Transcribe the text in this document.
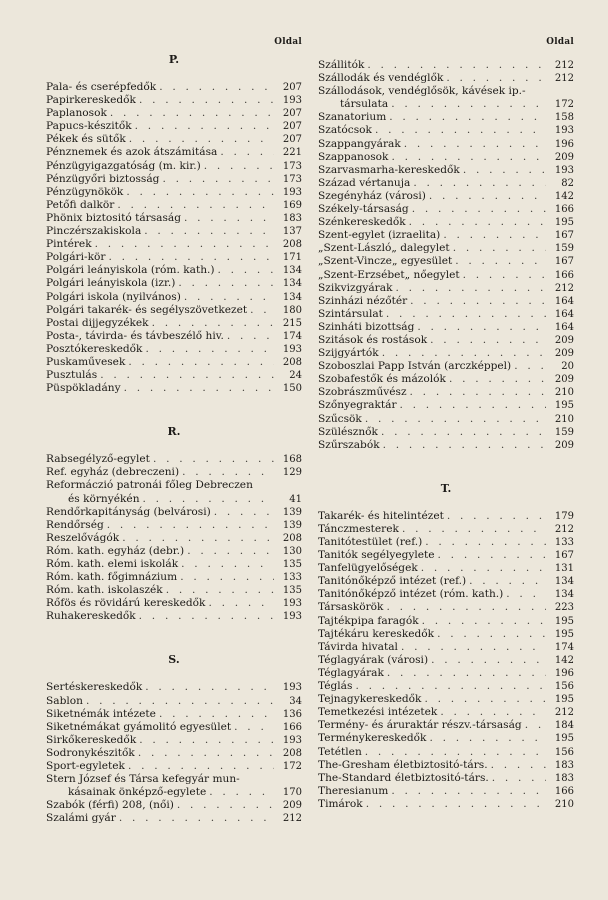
Oldal
P.
Pala- és cserépfedők . . .	207
Papirkereskedők . . .	193
Paplanosok . . .	207
Papucs-készitők . . .	207
Pékek és sütők . . .	207
Pénznemek és azok átszámitása . . .	221
Pénzügyigazgatóság (m. kir.) . . .	173
Pénzügyőri biztosság . . .	173
Pénzügynökök . . .	193
Petőfi dalkör . . .	169
Phönix biztositó társaság . . .	183
Pinczérszakiskola . . .	137
Pintérek . . .	208
Polgári-kör . . .	171
Polgári leányiskola (róm. kath.) . . .	134
Polgári leányiskola (izr.) . . .	134
Polgári iskola (nyilvános) . . .	134
Polgári takarék- és segélyszövetkezet . . .	180
Postai dijjegyzékek . . .	215
Posta-, távirda- és távbeszélő hiv. . . .	174
Posztókereskedők . . .	193
Puskaművesek . . .	208
Pusztulás . . .	24
Püspökladány . . .	150
R.
Rabsegélyző-egylet . . .	168
Ref. egyház (debreczeni) . . .	129
Reformáczió patronái főleg Debreczen
és környékén . . .	41
Rendőrkapitányság (belvárosi) . . .	139
Rendőrség . . .	139
Reszelővágók . . .	208
Róm. kath. egyház (debr.) . . .	130
Róm. kath. elemi iskolák . . .	135
Róm. kath. főgimnázium . . .	133
Róm. kath. iskolaszék . . .	135
Rőfös és rövidárú kereskedők . . .	193
Ruhakereskedők . . .	193
S.
Sertéskereskedők . . .	193
Sablon . . .	34
Siketnémák intézete . . .	136
Siketnémákat gyámolitó egyesület . . .	166
Sirkőkereskedők . . .	193
Sodronykészitők . . .	208
Sport-egyletek . . .	172
Stern József és Társa kefegyár mun-
kásainak önképző-egylete . . .	170
Szabók (férfi) 208, (női) . . .	209
Szalámi gyár . . .	212
Oldal
Szállitók . . .	212
Szállodák és vendéglők . . .	212
Szállodások, vendéglősök, kávések ip.-
társulata . . .	172
Szanatorium . . .	158
Szatócsok . . .	193
Szappangyárak . . .	196
Szappanosok . . .	209
Szarvasmarha-kereskedők . . .	193
Század vértanuja . . .	82
Szegényház (városi) . . .	142
Székely-társaság . . .	166
Szénkereskedők . . .	195
Szent-egylet (izraelita) . . .	167
„Szent-László„ dalegylet . . .	159
„Szent-Vincze„ egyesület . . .	167
„Szent-Erzsébet„ nőegylet . . .	166
Szikvizgyárak . . .	212
Szinházi nézőtér . . .	164
Szintársulat . . .	164
Szinháti bizottság . . .	164
Szitások és rostások . . .	209
Szijgyártók . . .	209
Szoboszlai Papp István (arczképpel) . . .	20
Szobafestők és mázolók . . .	209
Szobrászművész . . .	210
Szőnyegraktár . . .	195
Szűcsök . . .	210
Szülésznők . . .	159
Szűrszabók . . .	209
T.
Takarék- és hitelintézet . . .	179
Tánczmesterek . . .	212
Tanitótestület (ref.) . . .	133
Tanitók segélyegylete . . .	167
Tanfelügyelőségek . . .	131
Tanitónőképző intézet (ref.) . . .	134
Tanitónőképző intézet (róm. kath.) . . .	134
Társaskörök . . .	223
Tajtékpipa faragók . . .	195
Tajtékáru kereskedők . . .	195
Távirda hivatal . . .	174
Téglagyárak (városi) . . .	142
Téglagyárak . . .	196
Téglás . . .	156
Tejnagykereskedők . . .	195
Temetkezési intézetek . . .	212
Termény- és áruraktár részv.-társaság . . .	184
Terménykereskedők . . .	195
Tetétlen . . .	156
The-Gresham életbiztositó-társ. . . .	183
The-Standard életbiztositó-társ. . . .	183
Theresianum . . .	166
Timárok . . .	210
